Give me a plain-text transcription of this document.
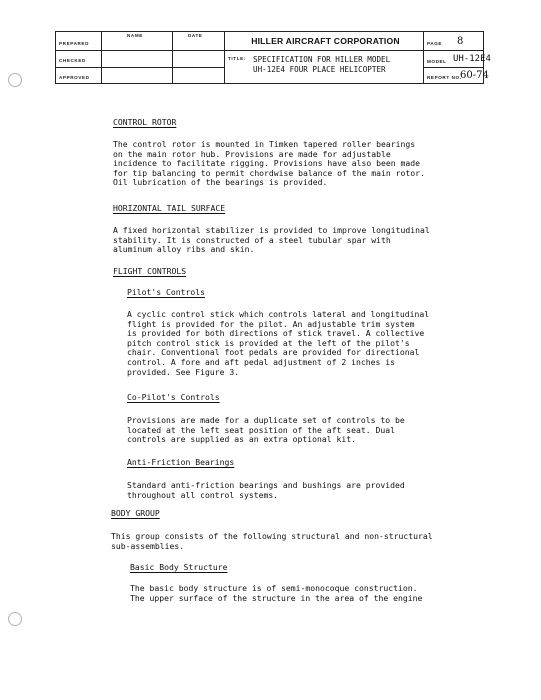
PREPARED
CHECKED
APPROVED
NAME	DATE
HILLER AIRCRAFT CORPORATION
TITLE: SPECIFICATION FOR HILLER MODEL
UH-12E4 FOUR PLACE HELICOPTER
PAGE 8
MODEL UH-12E4
REPORT NO.
60-74
CONTROL ROTOR
The control rotor is mounted in Timken tapered roller bearings
on the main rotor hub. Provisions are made for adjustable
incidence to facilitate rigging. Provisions have also been made
for tip balancing to permit chordwise balance of the main rotor.
Oil lubrication of the bearings is provided.
HORIZONTAL TAIL SURFACE
A fixed horizontal stabilizer is provided to improve longitudinal
stability. It is constructed of a steel tubular spar with
aluminum alloy ribs and skin.
FLIGHT CONTROLS
Pilot's Controls
A cyclic control stick which controls lateral and longitudinal
flight is provided for the pilot. An adjustable trim system
is provided for both directions of stick travel. A collective
pitch control stick is provided at the left of the pilot's
chair. Conventional foot pedals are provided for directional
control. A fore and aft pedal adjustment of 2 inches is
provided. See Figure 3.
Co-Pilot's Controls
Provisions are made for a duplicate set of controls to be
located at the left seat position of the aft seat. Dual
controls are supplied as an extra optional kit.
Anti-Friction Bearings
Standard anti-friction bearings and bushings are provided
throughout all control systems.
BODY GROUP
This group consists of the following structural and non-structural
sub-assemblies.
Basic Body Structure
The basic body structure is of semi-monocoque construction.
The upper surface of the structure in the area of the engine
